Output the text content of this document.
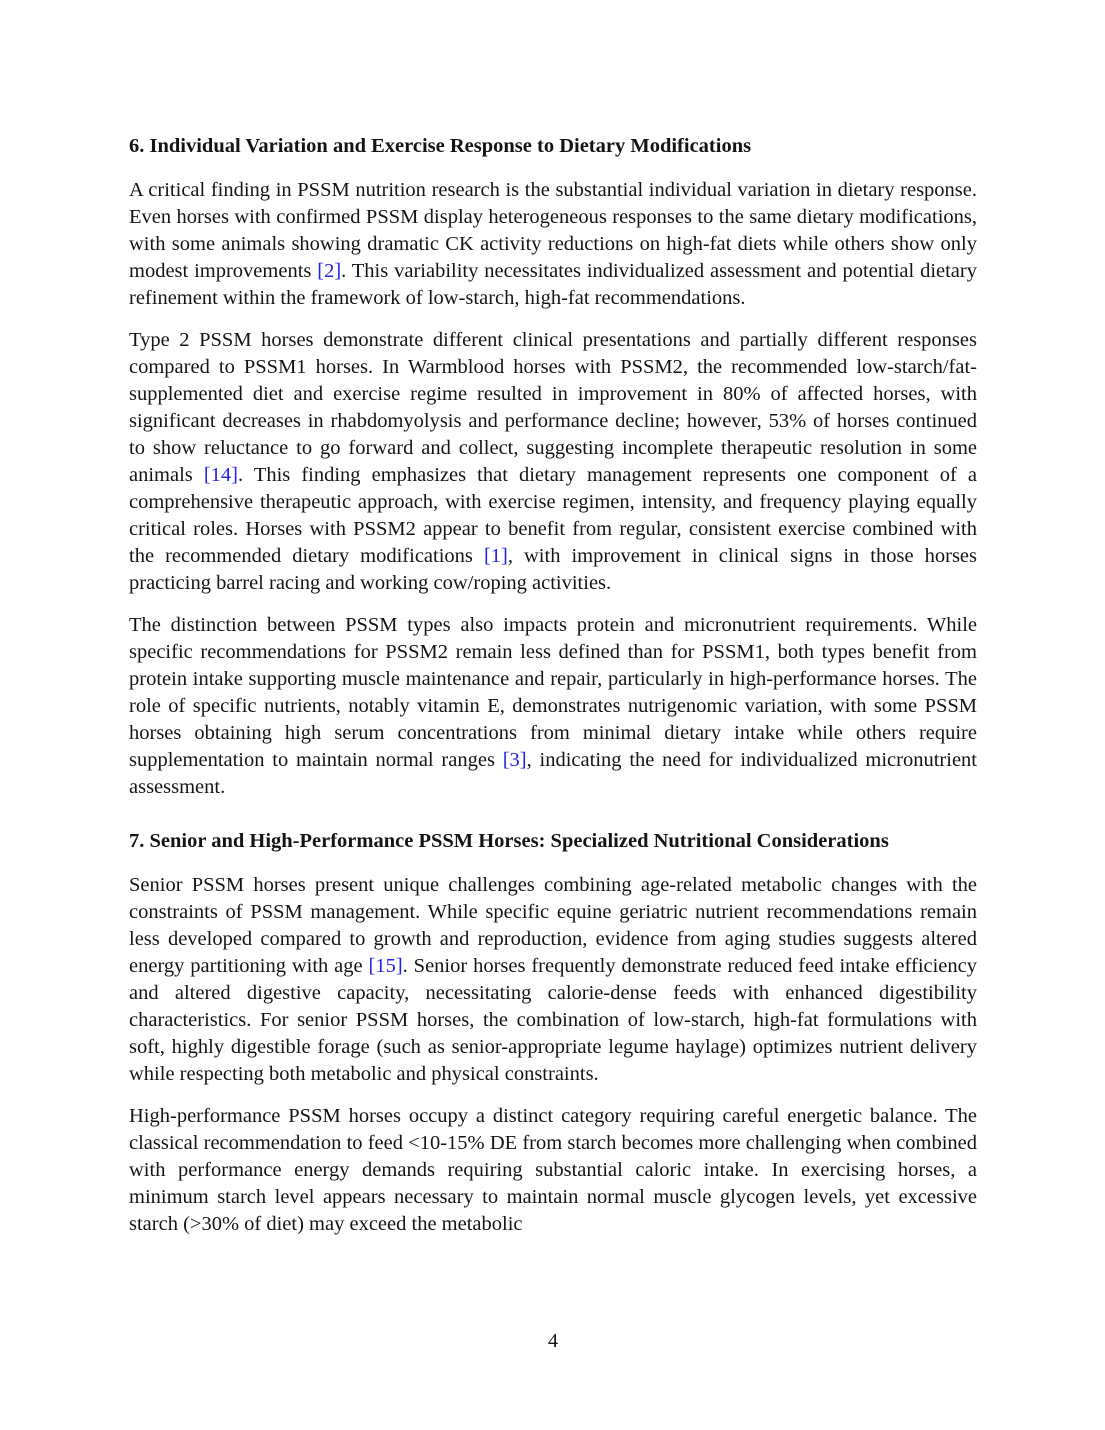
6. Individual Variation and Exercise Response to Dietary Modifications

A critical finding in PSSM nutrition research is the substantial individual variation in dietary response. Even horses with confirmed PSSM display heterogeneous responses to the same dietary modifications, with some animals showing dramatic CK activity reductions on high-fat diets while others show only modest improvements [2]. This variability necessitates individualized assessment and potential dietary refinement within the framework of low-starch, high-fat recommendations.

Type 2 PSSM horses demonstrate different clinical presentations and partially different responses compared to PSSM1 horses. In Warmblood horses with PSSM2, the recommended low-starch/fat-supplemented diet and exercise regime resulted in improvement in 80% of affected horses, with significant decreases in rhabdomyolysis and performance decline; however, 53% of horses continued to show reluctance to go forward and collect, suggesting incomplete therapeutic resolution in some animals [14]. This finding emphasizes that dietary management represents one component of a comprehensive therapeutic approach, with exercise regimen, intensity, and frequency playing equally critical roles. Horses with PSSM2 appear to benefit from regular, consistent exercise combined with the recommended dietary modifications [1], with improvement in clinical signs in those horses practicing barrel racing and working cow/roping activities.

The distinction between PSSM types also impacts protein and micronutrient requirements. While specific recommendations for PSSM2 remain less defined than for PSSM1, both types benefit from protein intake supporting muscle maintenance and repair, particularly in high-performance horses. The role of specific nutrients, notably vitamin E, demonstrates nutrigenomic variation, with some PSSM horses obtaining high serum concentrations from minimal dietary intake while others require supplementation to maintain normal ranges [3], indicating the need for individualized micronutrient assessment.

7. Senior and High-Performance PSSM Horses: Specialized Nutritional Considerations

Senior PSSM horses present unique challenges combining age-related metabolic changes with the constraints of PSSM management. While specific equine geriatric nutrient recommendations remain less developed compared to growth and reproduction, evidence from aging studies suggests altered energy partitioning with age [15]. Senior horses frequently demonstrate reduced feed intake efficiency and altered digestive capacity, necessitating calorie-dense feeds with enhanced digestibility characteristics. For senior PSSM horses, the combination of low-starch, high-fat formulations with soft, highly digestible forage (such as senior-appropriate legume haylage) optimizes nutrient delivery while respecting both metabolic and physical constraints.

High-performance PSSM horses occupy a distinct category requiring careful energetic balance. The classical recommendation to feed <10-15% DE from starch becomes more challenging when combined with performance energy demands requiring substantial caloric intake. In exercising horses, a minimum starch level appears necessary to maintain normal muscle glycogen levels, yet excessive starch (>30% of diet) may exceed the metabolic

4
